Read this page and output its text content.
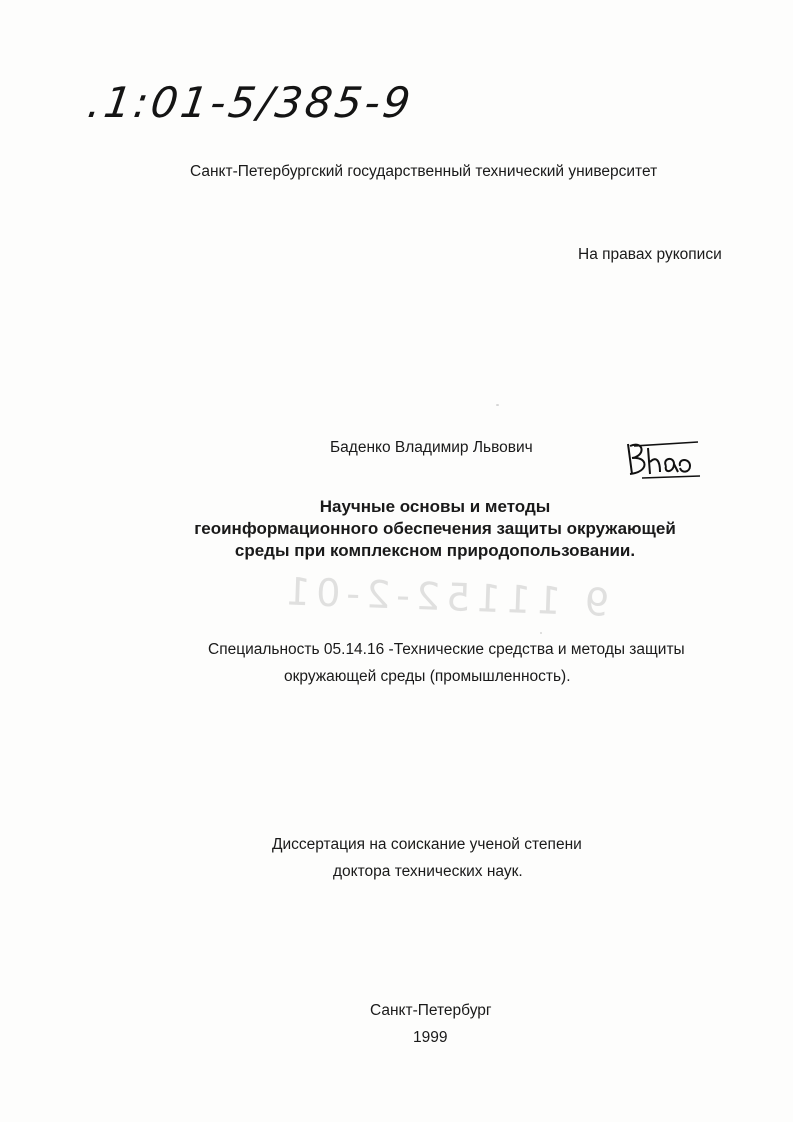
.1:01-5/385-9
Санкт-Петербургский государственный технический университет
На правах рукописи
Баденко Владимир Львович
Научные основы и методы
геоинформационного обеспечения защиты окружающей
среды при комплексном природопользовании.
9 11152-2-01
Специальность 05.14.16 -Технические средства и методы защиты
окружающей среды (промышленность).
Диссертация на соискание ученой степени
доктора технических наук.
Санкт-Петербург
1999
